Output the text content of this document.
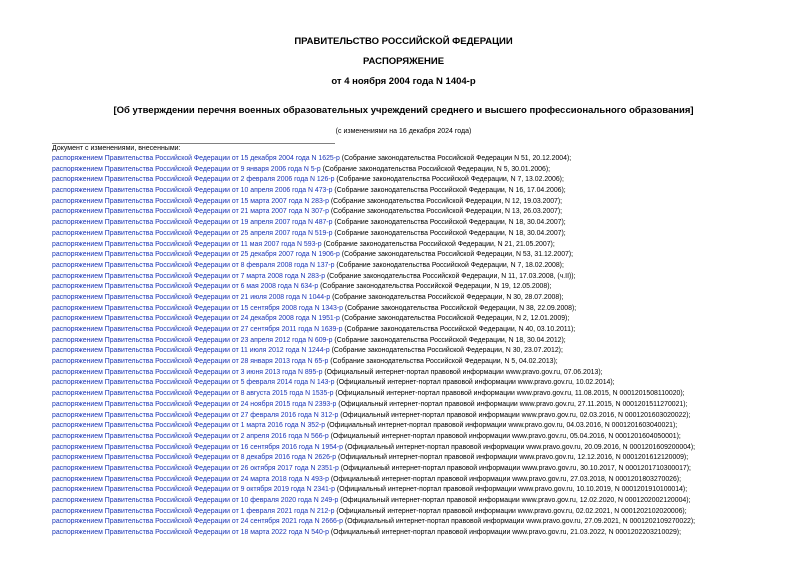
ПРАВИТЕЛЬСТВО РОССИЙСКОЙ ФЕДЕРАЦИИ
РАСПОРЯЖЕНИЕ
от 4 ноября 2004 года N 1404-р
[Об утверждении перечня военных образовательных учреждений среднего и высшего профессионального образования]
(с изменениями на 16 декабря 2024 года)
Документ с изменениями, внесенными:
распоряжением Правительства Российской Федерации от 15 декабря 2004 года N 1625-р (Собрание законодательства Российской Федерации N 51, 20.12.2004);
распоряжением Правительства Российской Федерации от 9 января 2006 года N 5-р (Собрание законодательства Российской Федерации, N 5, 30.01.2006);
распоряжением Правительства Российской Федерации от 2 февраля 2006 года N 126-р (Собрание законодательства Российской Федерации, N 7, 13.02.2006);
распоряжением Правительства Российской Федерации от 10 апреля 2006 года N 473-р (Собрание законодательства Российской Федерации, N 16, 17.04.2006);
распоряжением Правительства Российской Федерации от 15 марта 2007 года N 283-р (Собрание законодательства Российской Федерации, N 12, 19.03.2007);
распоряжением Правительства Российской Федерации от 21 марта 2007 года N 307-р (Собрание законодательства Российской Федерации, N 13, 26.03.2007);
распоряжением Правительства Российской Федерации от 19 апреля 2007 года N 487-р (Собрание законодательства Российской Федерации, N 18, 30.04.2007);
распоряжением Правительства Российской Федерации от 25 апреля 2007 года N 519-р (Собрание законодательства Российской Федерации, N 18, 30.04.2007);
распоряжением Правительства Российской Федерации от 11 мая 2007 года N 593-р (Собрание законодательства Российской Федерации, N 21, 21.05.2007);
распоряжением Правительства Российской Федерации от 25 декабря 2007 года N 1906-р (Собрание законодательства Российской Федерации, N 53, 31.12.2007);
распоряжением Правительства Российской Федерации от 8 февраля 2008 года N 137-р (Собрание законодательства Российской Федерации, N 7, 18.02.2008);
распоряжением Правительства Российской Федерации от 7 марта 2008 года N 283-р (Собрание законодательства Российской Федерации, N 11, 17.03.2008, (ч.II));
распоряжением Правительства Российской Федерации от 6 мая 2008 года N 634-р (Собрание законодательства Российской Федерации, N 19, 12.05.2008);
распоряжением Правительства Российской Федерации от 21 июля 2008 года N 1044-р (Собрание законодательства Российской Федерации, N 30, 28.07.2008);
распоряжением Правительства Российской Федерации от 15 сентября 2008 года N 1343-р (Собрание законодательства Российской Федерации, N 38, 22.09.2008);
распоряжением Правительства Российской Федерации от 24 декабря 2008 года N 1951-р (Собрание законодательства Российской Федерации, N 2, 12.01.2009);
распоряжением Правительства Российской Федерации от 27 сентября 2011 года N 1639-р (Собрание законодательства Российской Федерации, N 40, 03.10.2011);
распоряжением Правительства Российской Федерации от 23 апреля 2012 года N 609-р (Собрание законодательства Российской Федерации, N 18, 30.04.2012);
распоряжением Правительства Российской Федерации от 11 июля 2012 года N 1244-р (Собрание законодательства Российской Федерации, N 30, 23.07.2012);
распоряжением Правительства Российской Федерации от 28 января 2013 года N 65-р (Собрание законодательства Российской Федерации, N 5, 04.02.2013);
распоряжением Правительства Российской Федерации от 3 июня 2013 года N 895-р (Официальный интернет-портал правовой информации www.pravo.gov.ru, 07.06.2013);
распоряжением Правительства Российской Федерации от 5 февраля 2014 года N 143-р (Официальный интернет-портал правовой информации www.pravo.gov.ru, 10.02.2014);
распоряжением Правительства Российской Федерации от 8 августа 2015 года N 1535-р (Официальный интернет-портал правовой информации www.pravo.gov.ru, 11.08.2015, N 0001201508110020);
распоряжением Правительства Российской Федерации от 24 ноября 2015 года N 2393-р (Официальный интернет-портал правовой информации www.pravo.gov.ru, 27.11.2015, N 0001201511270021);
распоряжением Правительства Российской Федерации от 27 февраля 2016 года N 312-р (Официальный интернет-портал правовой информации www.pravo.gov.ru, 02.03.2016, N 0001201603020022);
распоряжением Правительства Российской Федерации от 1 марта 2016 года N 352-р (Официальный интернет-портал правовой информации www.pravo.gov.ru, 04.03.2016, N 0001201603040021);
распоряжением Правительства Российской Федерации от 2 апреля 2016 года N 566-р (Официальный интернет-портал правовой информации www.pravo.gov.ru, 05.04.2016, N 0001201604050001);
распоряжением Правительства Российской Федерации от 16 сентября 2016 года N 1954-р (Официальный интернет-портал правовой информации www.pravo.gov.ru, 20.09.2016, N 0001201609200004);
распоряжением Правительства Российской Федерации от 8 декабря 2016 года N 2626-р (Официальный интернет-портал правовой информации www.pravo.gov.ru, 12.12.2016, N 0001201612120009);
распоряжением Правительства Российской Федерации от 26 октября 2017 года N 2351-р (Официальный интернет-портал правовой информации www.pravo.gov.ru, 30.10.2017, N 0001201710300017);
распоряжением Правительства Российской Федерации от 24 марта 2018 года N 493-р (Официальный интернет-портал правовой информации www.pravo.gov.ru, 27.03.2018, N 0001201803270026);
распоряжением Правительства Российской Федерации от 9 октября 2019 года N 2341-р (Официальный интернет-портал правовой информации www.pravo.gov.ru, 10.10.2019, N 0001201910100014);
распоряжением Правительства Российской Федерации от 10 февраля 2020 года N 249-р (Официальный интернет-портал правовой информации www.pravo.gov.ru, 12.02.2020, N 0001202002120004);
распоряжением Правительства Российской Федерации от 1 февраля 2021 года N 212-р (Официальный интернет-портал правовой информации www.pravo.gov.ru, 02.02.2021, N 0001202102020006);
распоряжением Правительства Российской Федерации от 24 сентября 2021 года N 2666-р (Официальный интернет-портал правовой информации www.pravo.gov.ru, 27.09.2021, N 0001202109270022);
распоряжением Правительства Российской Федерации от 18 марта 2022 года N 540-р (Официальный интернет-портал правовой информации www.pravo.gov.ru, 21.03.2022, N 0001202203210029);
